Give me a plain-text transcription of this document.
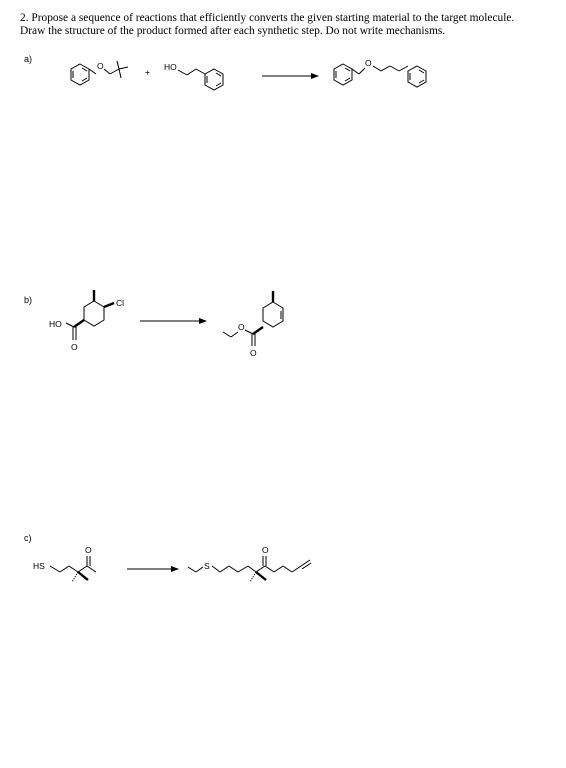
2. Propose a sequence of reactions that efficiently converts the given starting material to the target molecule.
Draw the structure of the product formed after each synthetic step. Do not write mechanisms.
a)
b)
c)
O
+ HO	O
Cl
HO
O
O
O
HS
O
S
O
